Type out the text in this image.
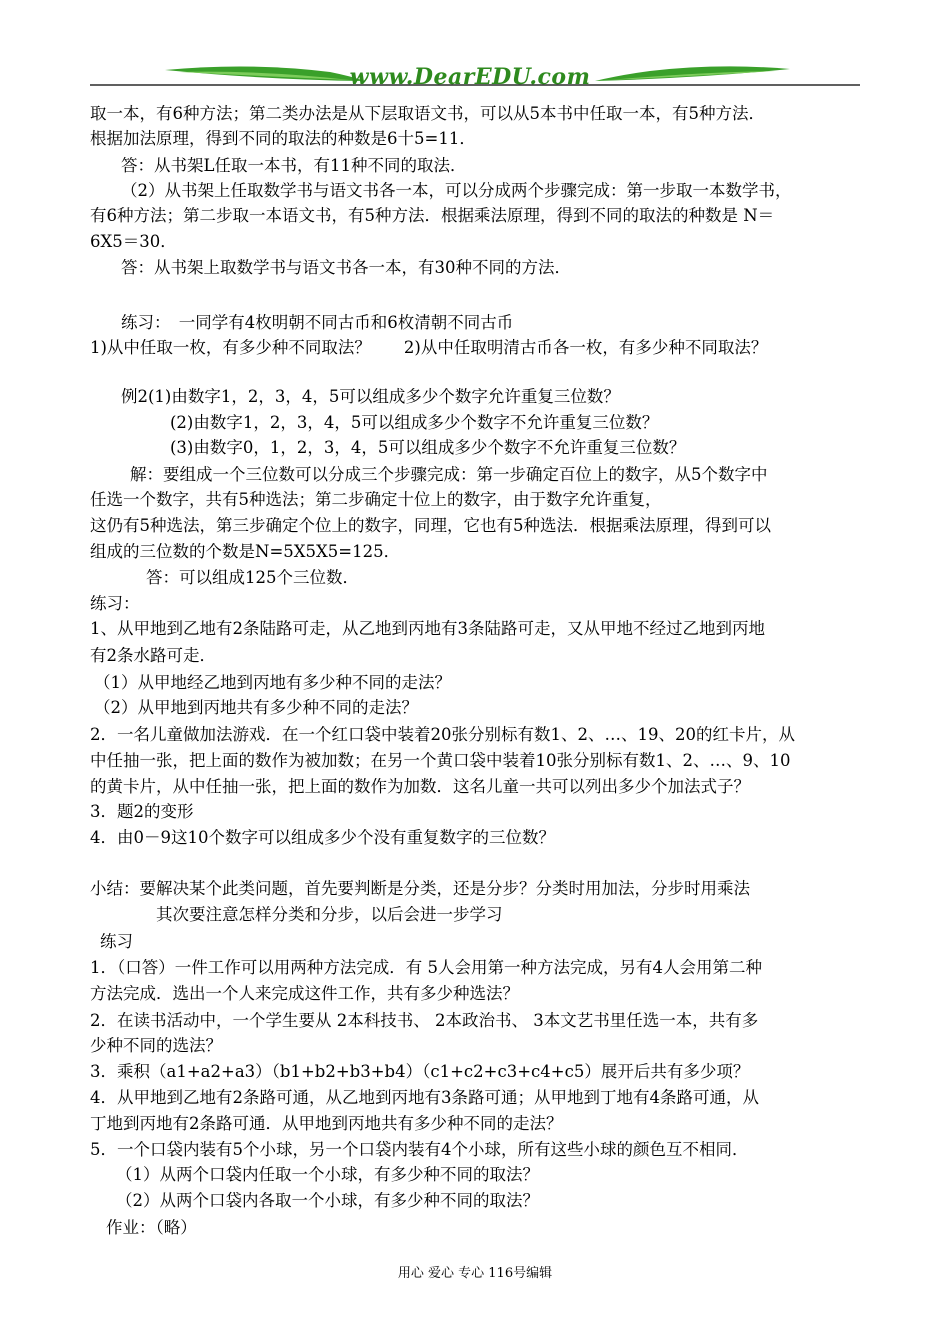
www.DearEDU.com
取一本，有6种方法；第二类办法是从下层取语文书，可以从5本书中任取一本，有5种方法．
根据加法原理，得到不同的取法的种数是6十5=11．
答：从书架L任取一本书，有11种不同的取法．
（2）从书架上任取数学书与语文书各一本，可以分成两个步骤完成：第一步取一本数学书，
有6种方法；第二步取一本语文书，有5种方法．根据乘法原理，得到不同的取法的种数是 N＝
6X5＝30．
答：从书架上取数学书与语文书各一本，有30种不同的方法．
练习：　一同学有4枚明朝不同古币和6枚清朝不同古币
1)从中任取一枚，有多少种不同取法？　　2)从中任取明清古币各一枚，有多少种不同取法？
例2(1)由数字1，2，3，4，5可以组成多少个数字允许重复三位数？
(2)由数字1，2，3，4，5可以组成多少个数字不允许重复三位数？
(3)由数字0，1，2，3，4，5可以组成多少个数字不允许重复三位数？
解：要组成一个三位数可以分成三个步骤完成：第一步确定百位上的数字，从5个数字中
任选一个数字，共有5种选法；第二步确定十位上的数字，由于数字允许重复，
这仍有5种选法，第三步确定个位上的数字，同理，它也有5种选法．根据乘法原理，得到可以
组成的三位数的个数是N=5X5X5=125．
答：可以组成125个三位数．
练习：
1、从甲地到乙地有2条陆路可走，从乙地到丙地有3条陆路可走，又从甲地不经过乙地到丙地
有2条水路可走．
（1）从甲地经乙地到丙地有多少种不同的走法？
（2）从甲地到丙地共有多少种不同的走法？
2．一名儿童做加法游戏．在一个红口袋中装着20张分别标有数1、2、…、19、20的红卡片，从
中任抽一张，把上面的数作为被加数；在另一个黄口袋中装着10张分别标有数1、2、…、9、10
的黄卡片，从中任抽一张，把上面的数作为加数．这名儿童一共可以列出多少个加法式子？
3．题2的变形
4．由0－9这10个数字可以组成多少个没有重复数字的三位数？
小结：要解决某个此类问题，首先要判断是分类，还是分步？分类时用加法，分步时用乘法
其次要注意怎样分类和分步，以后会进一步学习
练习
1．（口答）一件工作可以用两种方法完成．有 5人会用第一种方法完成，另有4人会用第二种
方法完成．选出一个人来完成这件工作，共有多少种选法？
2．在读书活动中，一个学生要从 2本科技书、 2本政治书、 3本文艺书里任选一本，共有多
少种不同的选法？
3．乘积（a1+a2+a3）（b1+b2+b3+b4）（c1+c2+c3+c4+c5）展开后共有多少项？
4．从甲地到乙地有2条路可通，从乙地到丙地有3条路可通；从甲地到丁地有4条路可通，从
丁地到丙地有2条路可通．从甲地到丙地共有多少种不同的走法？
5．一个口袋内装有5个小球，另一个口袋内装有4个小球，所有这些小球的颜色互不相同．
（1）从两个口袋内任取一个小球，有多少种不同的取法？
（2）从两个口袋内各取一个小球，有多少种不同的取法？
作业：（略）
用心 爱心 专心 116号编辑
